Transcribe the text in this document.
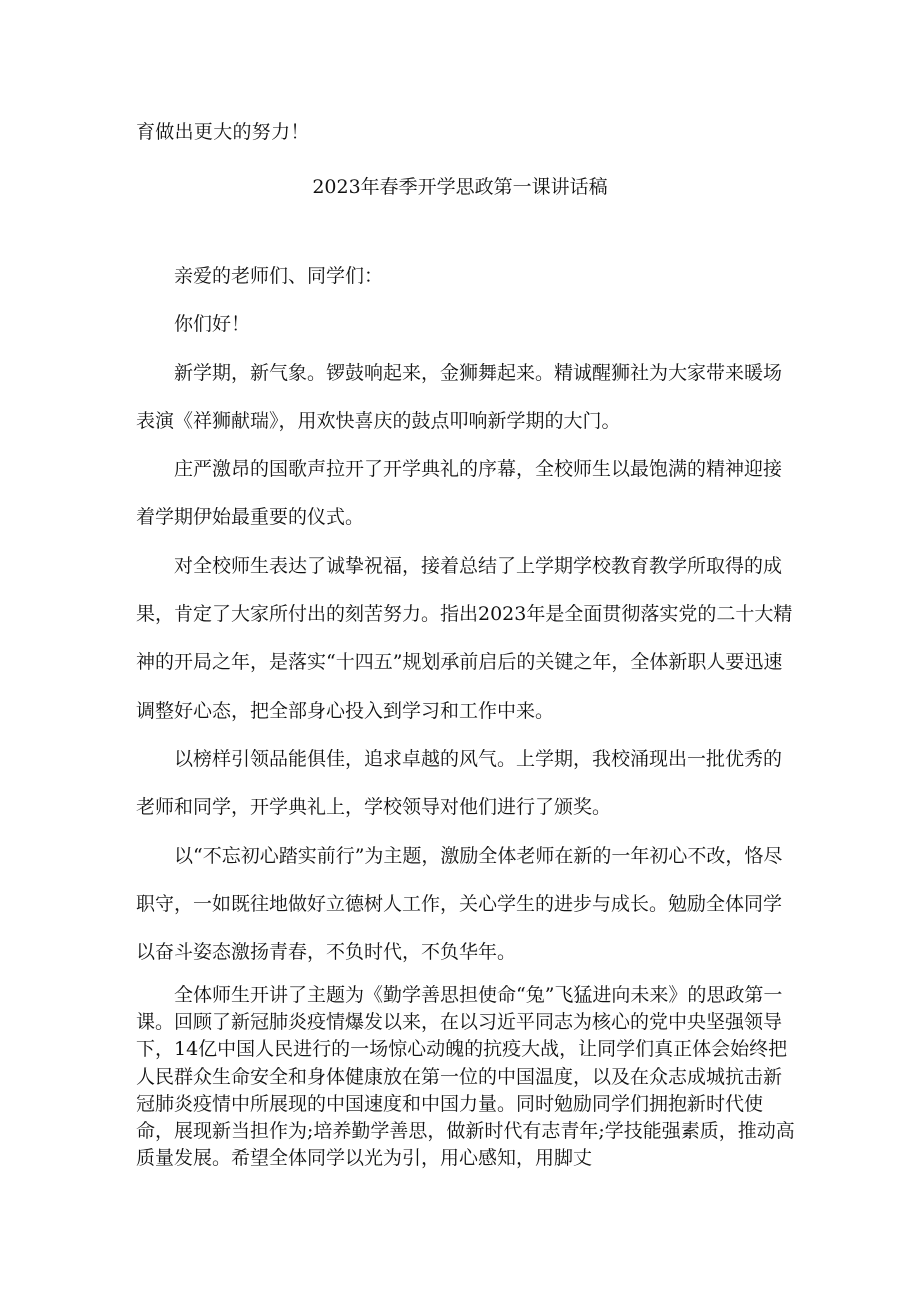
育做出更大的努力！
2023年春季开学思政第一课讲话稿

亲爱的老师们、同学们：

你们好！

新学期，新气象。锣鼓响起来，金狮舞起来。精诚醒狮社为大家带来暖场表演《祥狮献瑞》，用欢快喜庆的鼓点叩响新学期的大门。

庄严激昂的国歌声拉开了开学典礼的序幕，全校师生以最饱满的精神迎接着学期伊始最重要的仪式。

对全校师生表达了诚挚祝福，接着总结了上学期学校教育教学所取得的成果，肯定了大家所付出的刻苦努力。指出2023年是全面贯彻落实党的二十大精神的开局之年，是落实“十四五”规划承前启后的关键之年，全体新职人要迅速调整好心态，把全部身心投入到学习和工作中来。

以榜样引领品能俱佳，追求卓越的风气。上学期，我校涌现出一批优秀的老师和同学，开学典礼上，学校领导对他们进行了颁奖。

以“不忘初心踏实前行”为主题，激励全体老师在新的一年初心不改，恪尽职守，一如既往地做好立德树人工作，关心学生的进步与成长。勉励全体同学以奋斗姿态激扬青春，不负时代，不负华年。

全体师生开讲了主题为《勤学善思担使命“兔”飞猛进向未来》的思政第一课。回顾了新冠肺炎疫情爆发以来，在以习近平同志为核心的党中央坚强领导下，14亿中国人民进行的一场惊心动魄的抗疫大战，让同学们真正体会始终把人民群众生命安全和身体健康放在第一位的中国温度，以及在众志成城抗击新冠肺炎疫情中所展现的中国速度和中国力量。同时勉励同学们拥抱新时代使命，展现新当担作为;培养勤学善思，做新时代有志青年;学技能强素质，推动高质量发展。希望全体同学以光为引，用心感知，用脚丈
